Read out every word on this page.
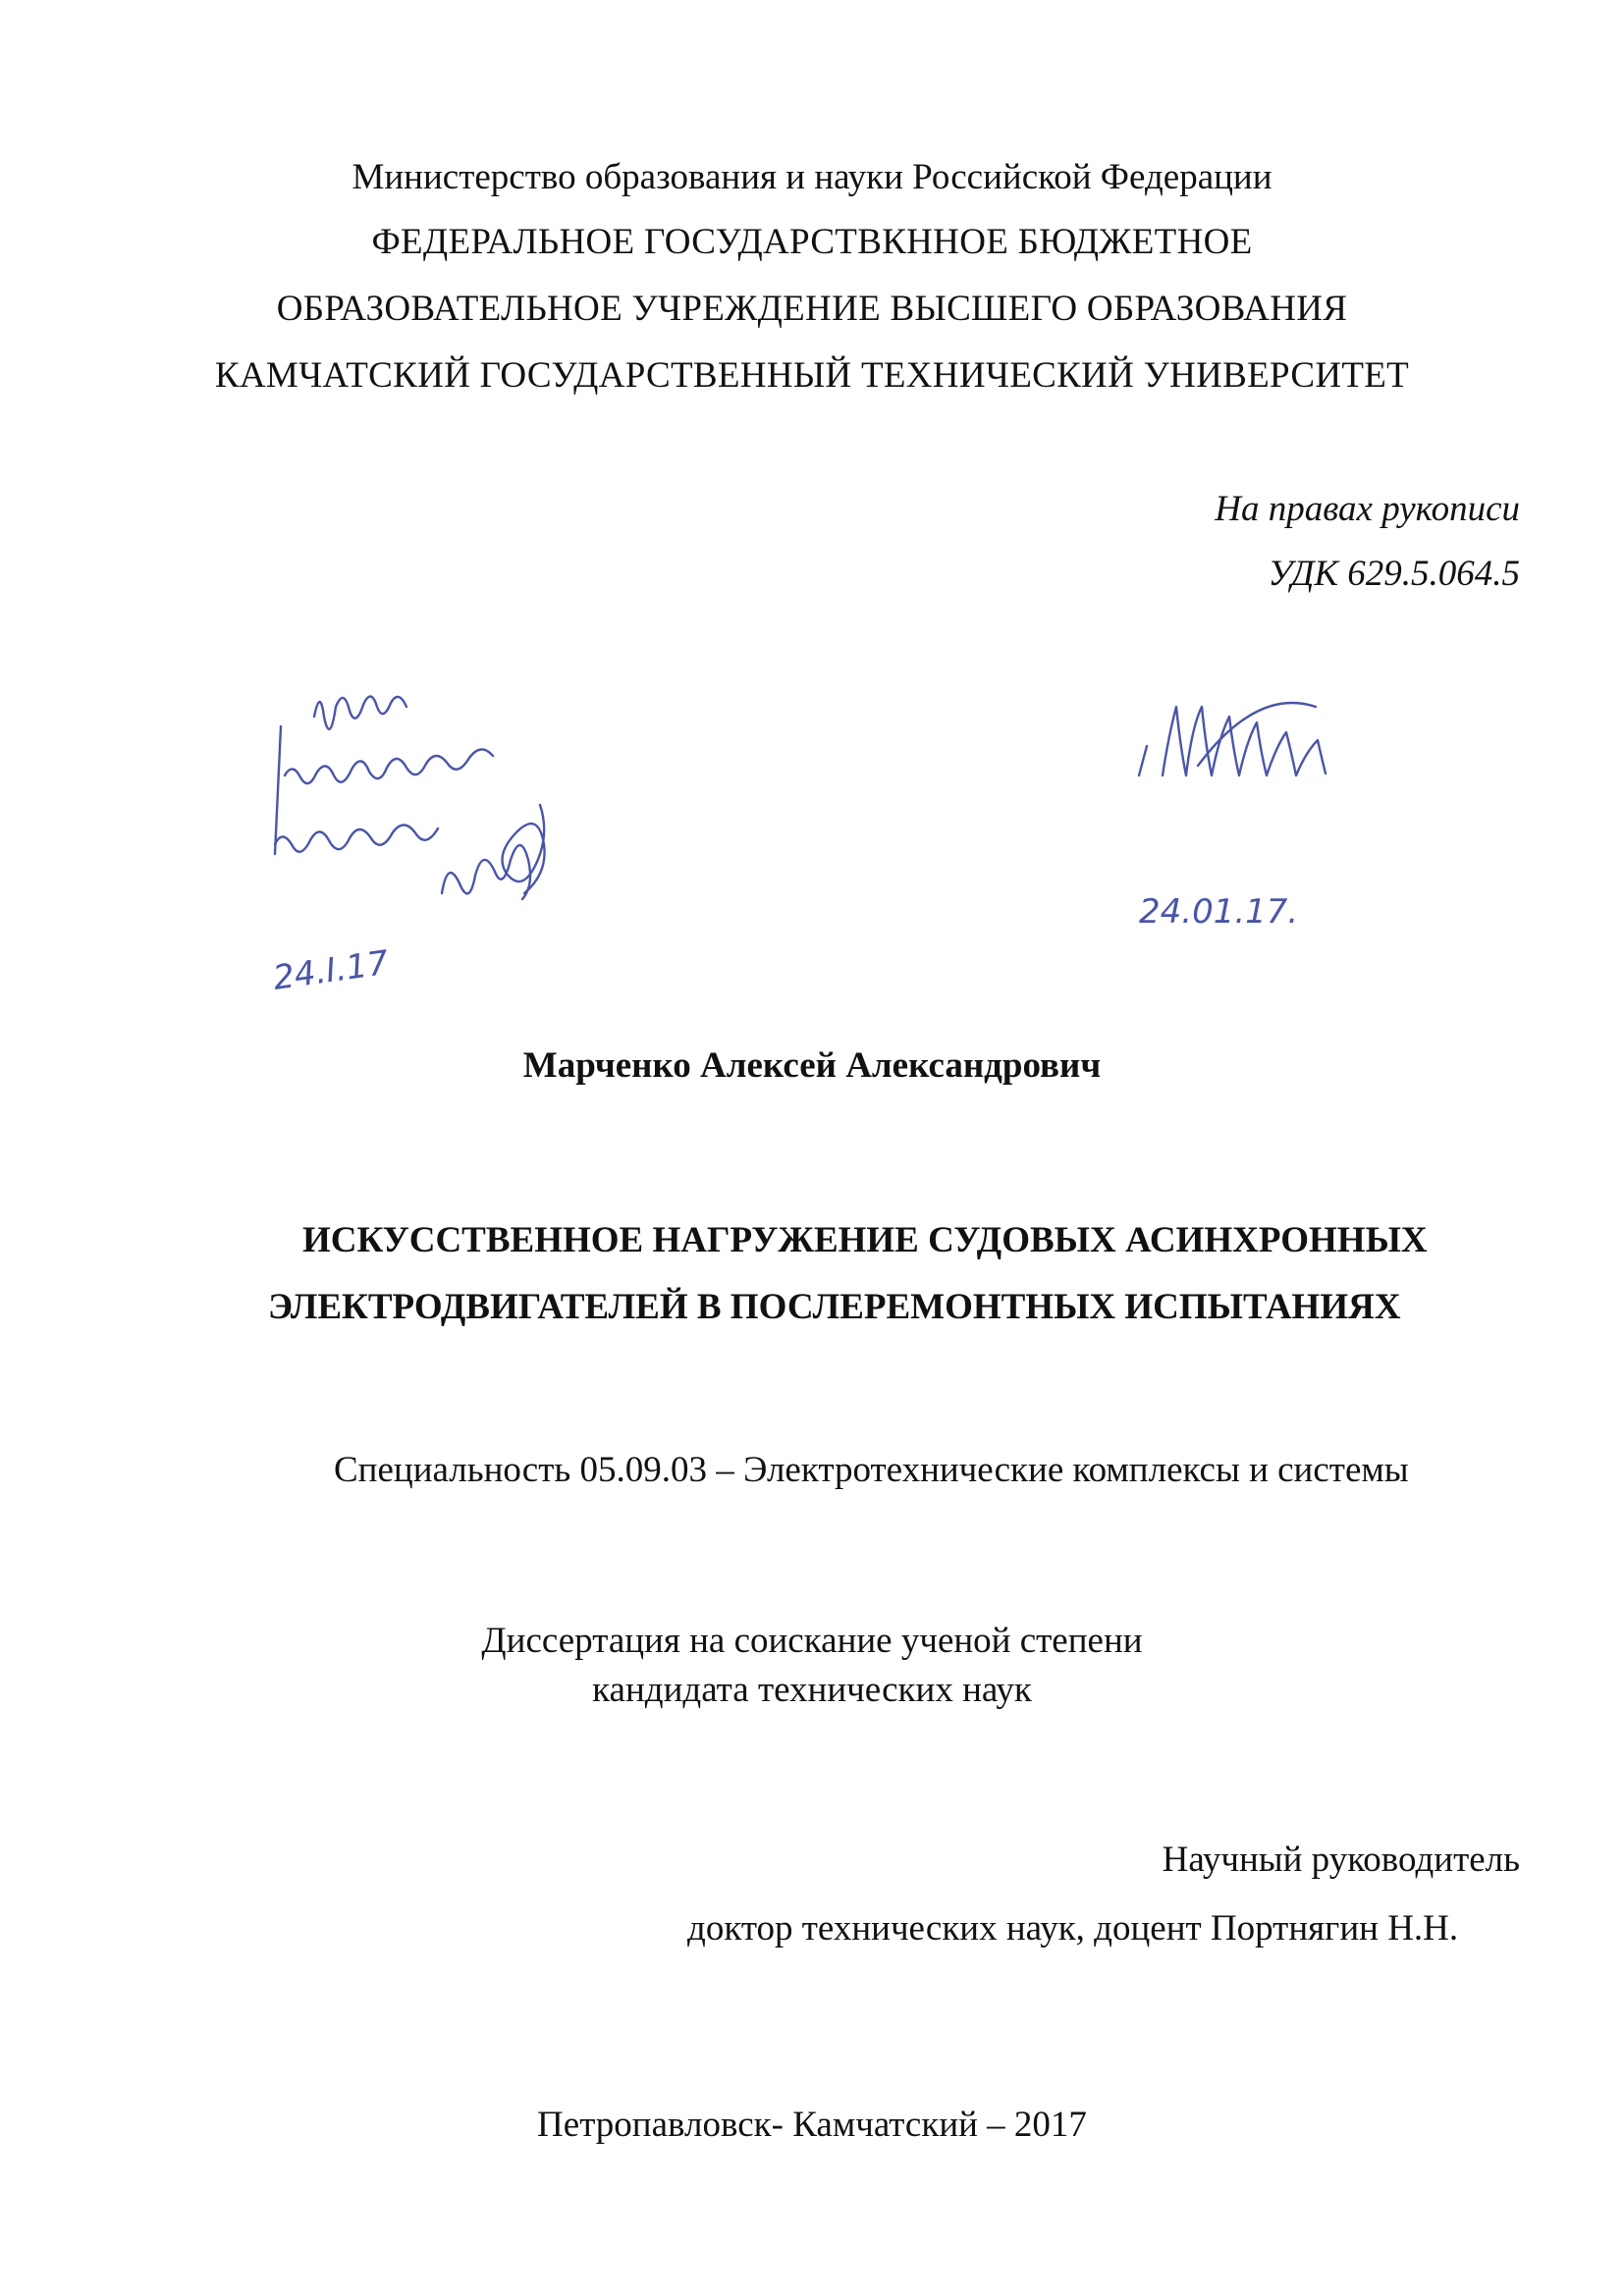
Министерство образования и науки Российской Федерации
ФЕДЕРАЛЬНОЕ ГОСУДАРСТВКННОЕ БЮДЖЕТНОЕ
ОБРАЗОВАТЕЛЬНОЕ УЧРЕЖДЕНИЕ ВЫСШЕГО ОБРАЗОВАНИЯ
КАМЧАТСКИЙ ГОСУДАРСТВЕННЫЙ ТЕХНИЧЕСКИЙ УНИВЕРСИТЕТ
На правах рукописи
УДК 629.5.064.5
24.I.17
24.01.17.
Марченко Алексей Александрович
ИСКУССТВЕННОЕ НАГРУЖЕНИЕ СУДОВЫХ АСИНХРОННЫХ
ЭЛЕКТРОДВИГАТЕЛЕЙ В ПОСЛЕРЕМОНТНЫХ ИСПЫТАНИЯХ
Специальность 05.09.03 – Электротехнические комплексы и системы
Диссертация на соискание ученой степени
кандидата технических наук
Научный руководитель
доктор технических наук, доцент Портнягин Н.Н.
Петропавловск- Камчатский – 2017
